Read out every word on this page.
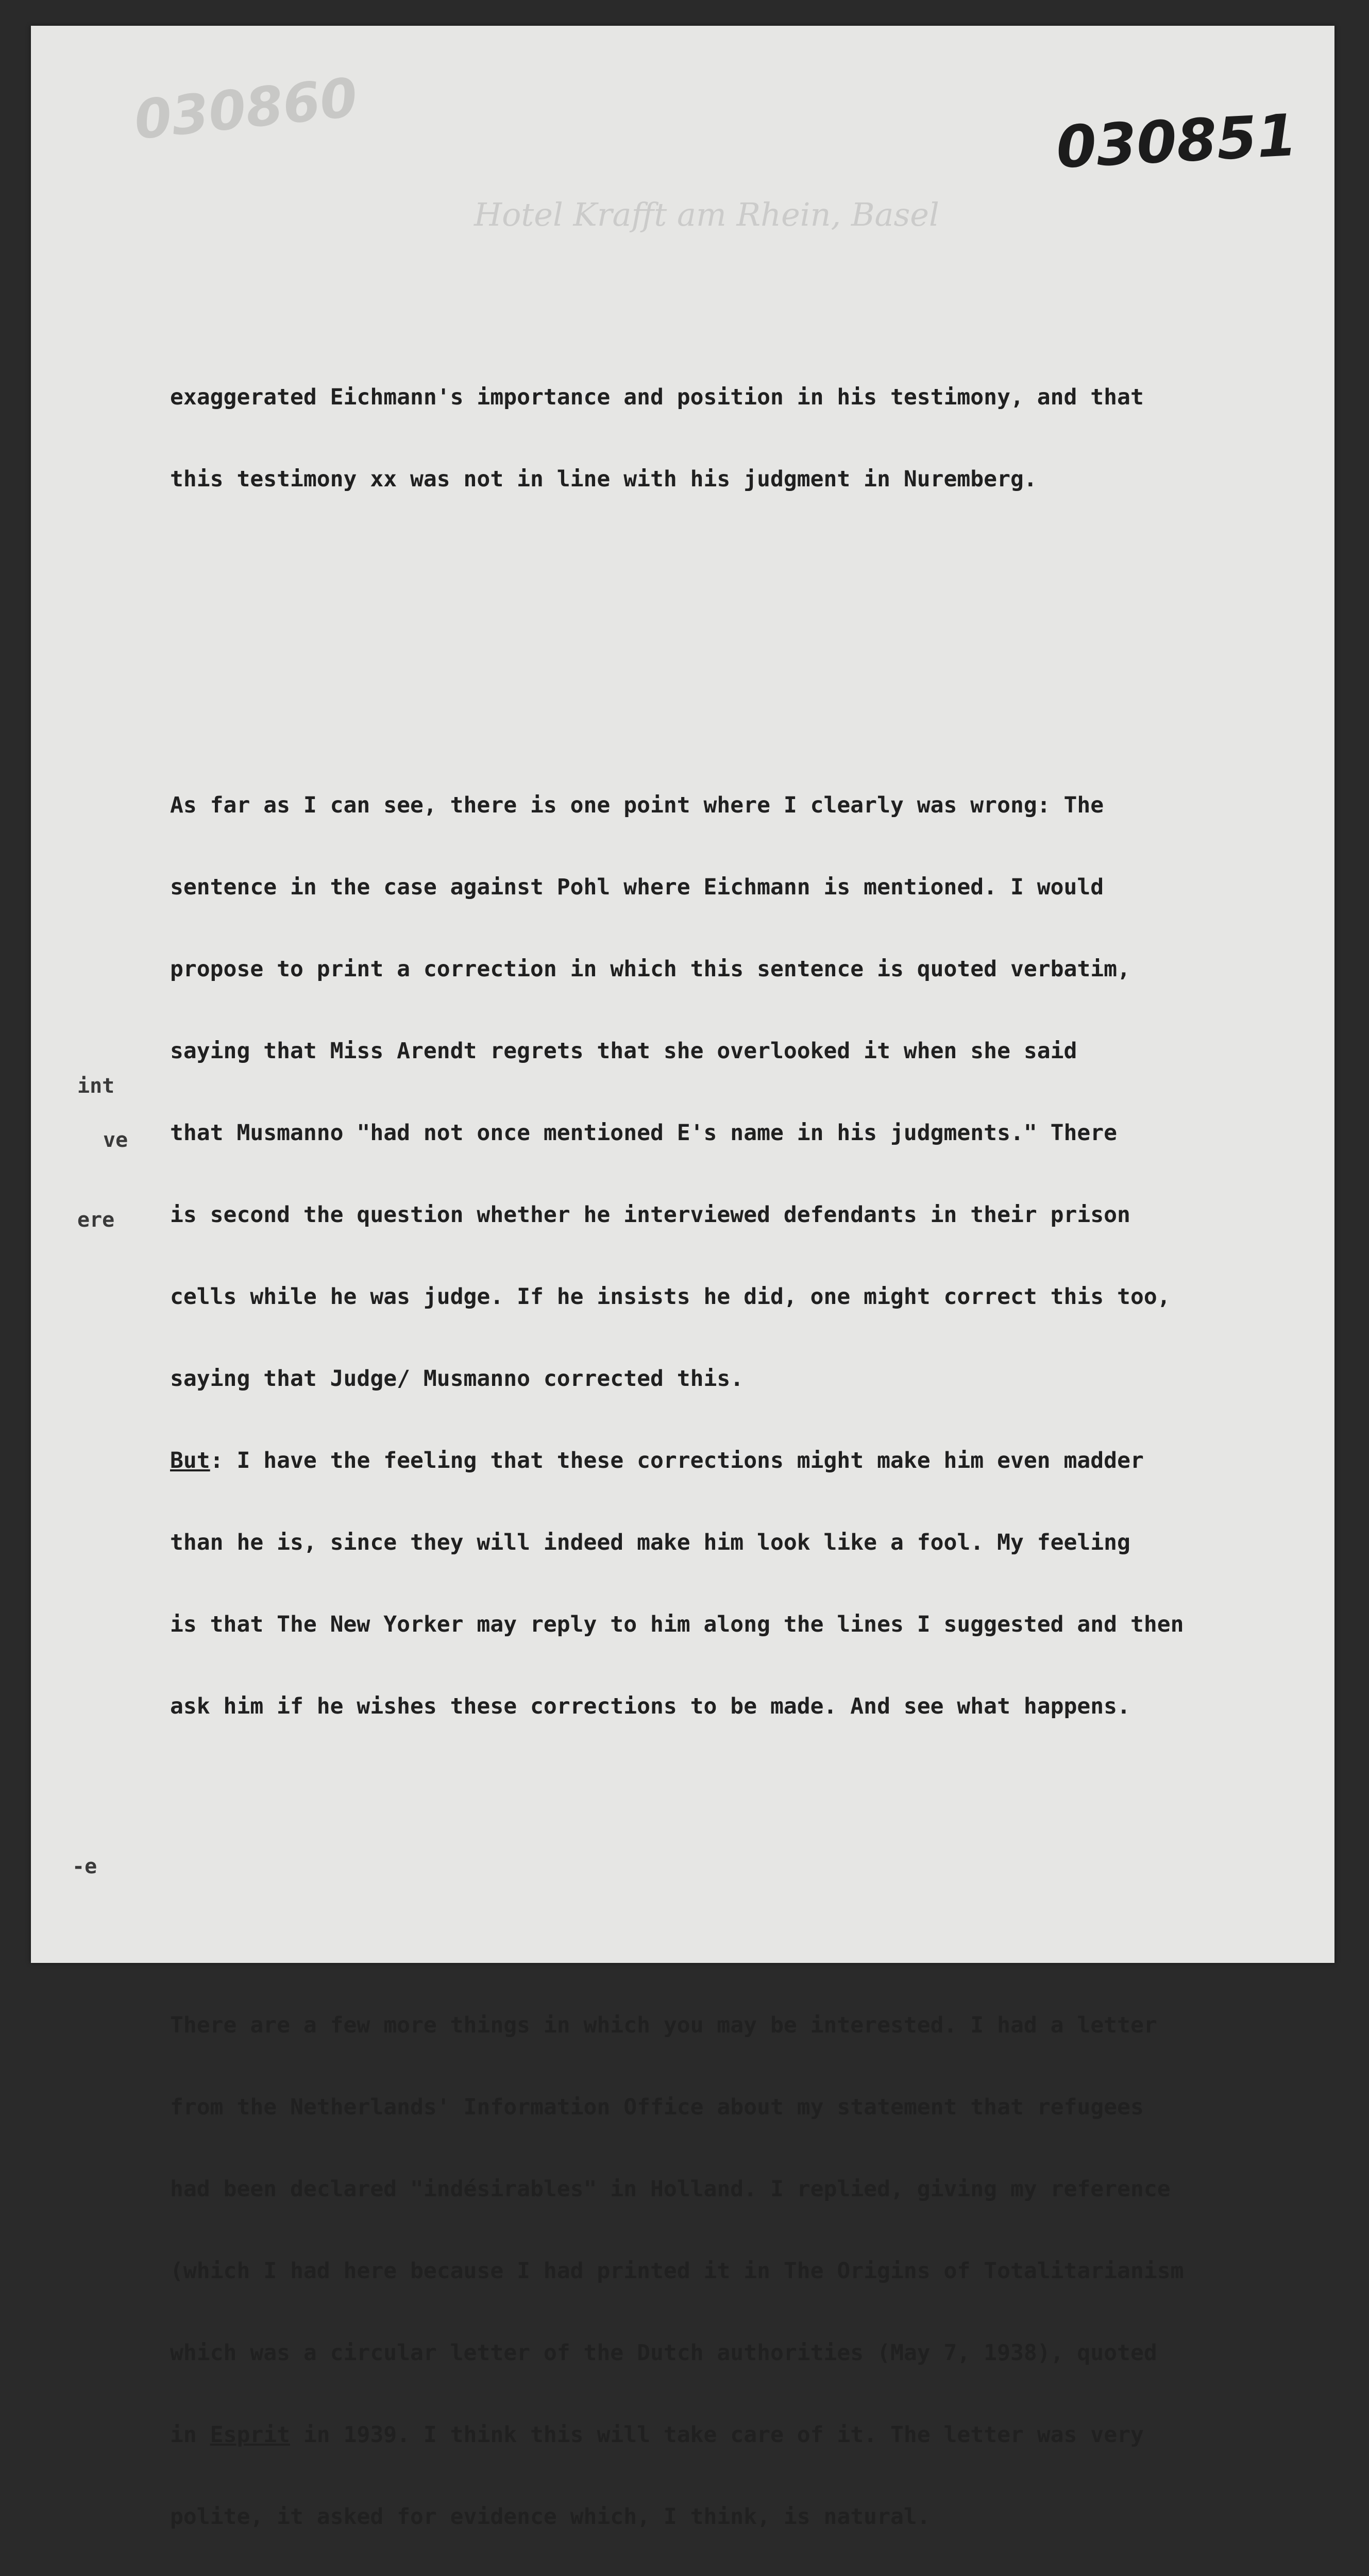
030860	030851
Hotel Krafft am Rhein, Basel
int
ve
ere
-e

exaggerated Eichmann's importance and position in his testimony, and that

this testimony xx was not in line with his judgment in Nuremberg.

As far as I can see, there is one point where I clearly was wrong: The

sentence in the case against Pohl where Eichmann is mentioned. I would

propose to print a correction in which this sentence is quoted verbatim,

saying that Miss Arendt regrets that she overlooked it when she said

that Musmanno "had not once mentioned E's name in his judgments." There

is second the question whether he interviewed defendants in their prison

cells while he was judge. If he insists he did, one might correct this too,

saying that Judge/ Musmanno corrected this.

But: I have the feeling that these corrections might make him even madder

than he is, since they will indeed make him look like a fool. My feeling

is that The New Yorker may reply to him along the lines I suggested and then

ask him if he wishes these corrections to be made. And see what happens.

There are a few more things in which you may be interested. I had a letter

from the Netherlands' Information Office about my statement that refugees

had been declared "indésirables" in Holland. I replied, giving my reference

(which I had here because I had printed it in The Origins of Totalitarianism

which was a circular letter of the Dutch authorities (May 7, 1938), quoted

in Esprit in 1939. I think this will take care of it. The letter was very

polite, it asked for evidence which, I think, is natural.
